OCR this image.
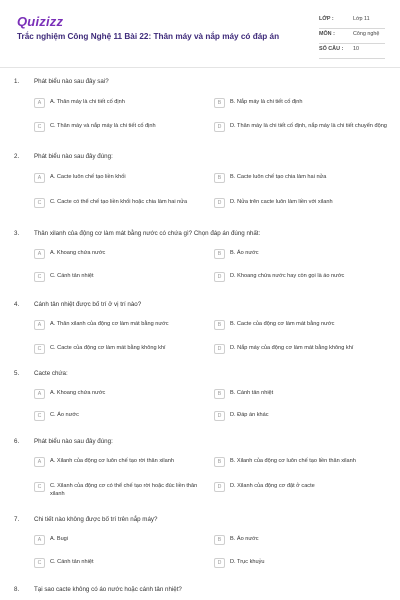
Quizizz
Trắc nghiệm Công Nghệ 11 Bài 22: Thân máy và nắp máy có đáp án
LỚP :	Lớp 11
MÔN :	Công nghệ
SỐ CÂU : 10
1. Phát biểu nào sau đây sai?
A	A. Thân máy là chi tiết cố định	B	B. Nắp máy là chi tiết cố định
C	C. Thân máy và nắp máy là chi tiết cố định	D	D. Thân máy là chi tiết cố định, nắp máy là chi tiết chuyển động
2. Phát biểu nào sau đây đúng:
A	A. Cacte luôn chế tạo liền khối	B	B. Cacte luôn chế tạo chia làm hai nửa
C	C. Cacte có thể chế tạo liền khối hoặc chia làm hai nửa	D	D. Nửa trên cacte luôn làm liền với xilanh
3. Thân xilanh của động cơ làm mát bằng nước có chứa gì? Chọn đáp án đúng nhất:
A	A. Khoang chứa nước	B	B. Áo nước
C	C. Cánh tản nhiệt	D	D. Khoang chứa nước hay còn gọi là áo nước
4. Cánh tản nhiệt được bố trí ở vị trí nào?
A	A. Thân xilanh của động cơ làm mát bằng nước	B	B. Cacte của động cơ làm mát bằng nước
C	C. Cacte của động cơ làm mát bằng không khí	D	D. Nắp máy của động cơ làm mát bằng không khí
5. Cacte chứa:
A	A. Khoang chứa nước	B	B. Cánh tản nhiệt
C	C. Áo nước	D	D. Đáp án khác
6. Phát biểu nào sau đây đúng:
A	A. Xilanh của động cơ luôn chế tạo rời thân xilanh	B	B. Xilanh của động cơ luôn chế tạo liền thân xilanh
C	C. Xilanh của động cơ có thể chế tạo rời hoặc đúc liền thân xilanh
D	D. Xilanh của động cơ đặt ở cacte
7. Chi tiết nào không được bố trí trên nắp máy?
A	A. Bugi	B	B. Áo nước
C	C. Cánh tản nhiệt	D	D. Trục khuỷu
8. Tại sao cacte không có áo nước hoặc cánh tản nhiệt?
